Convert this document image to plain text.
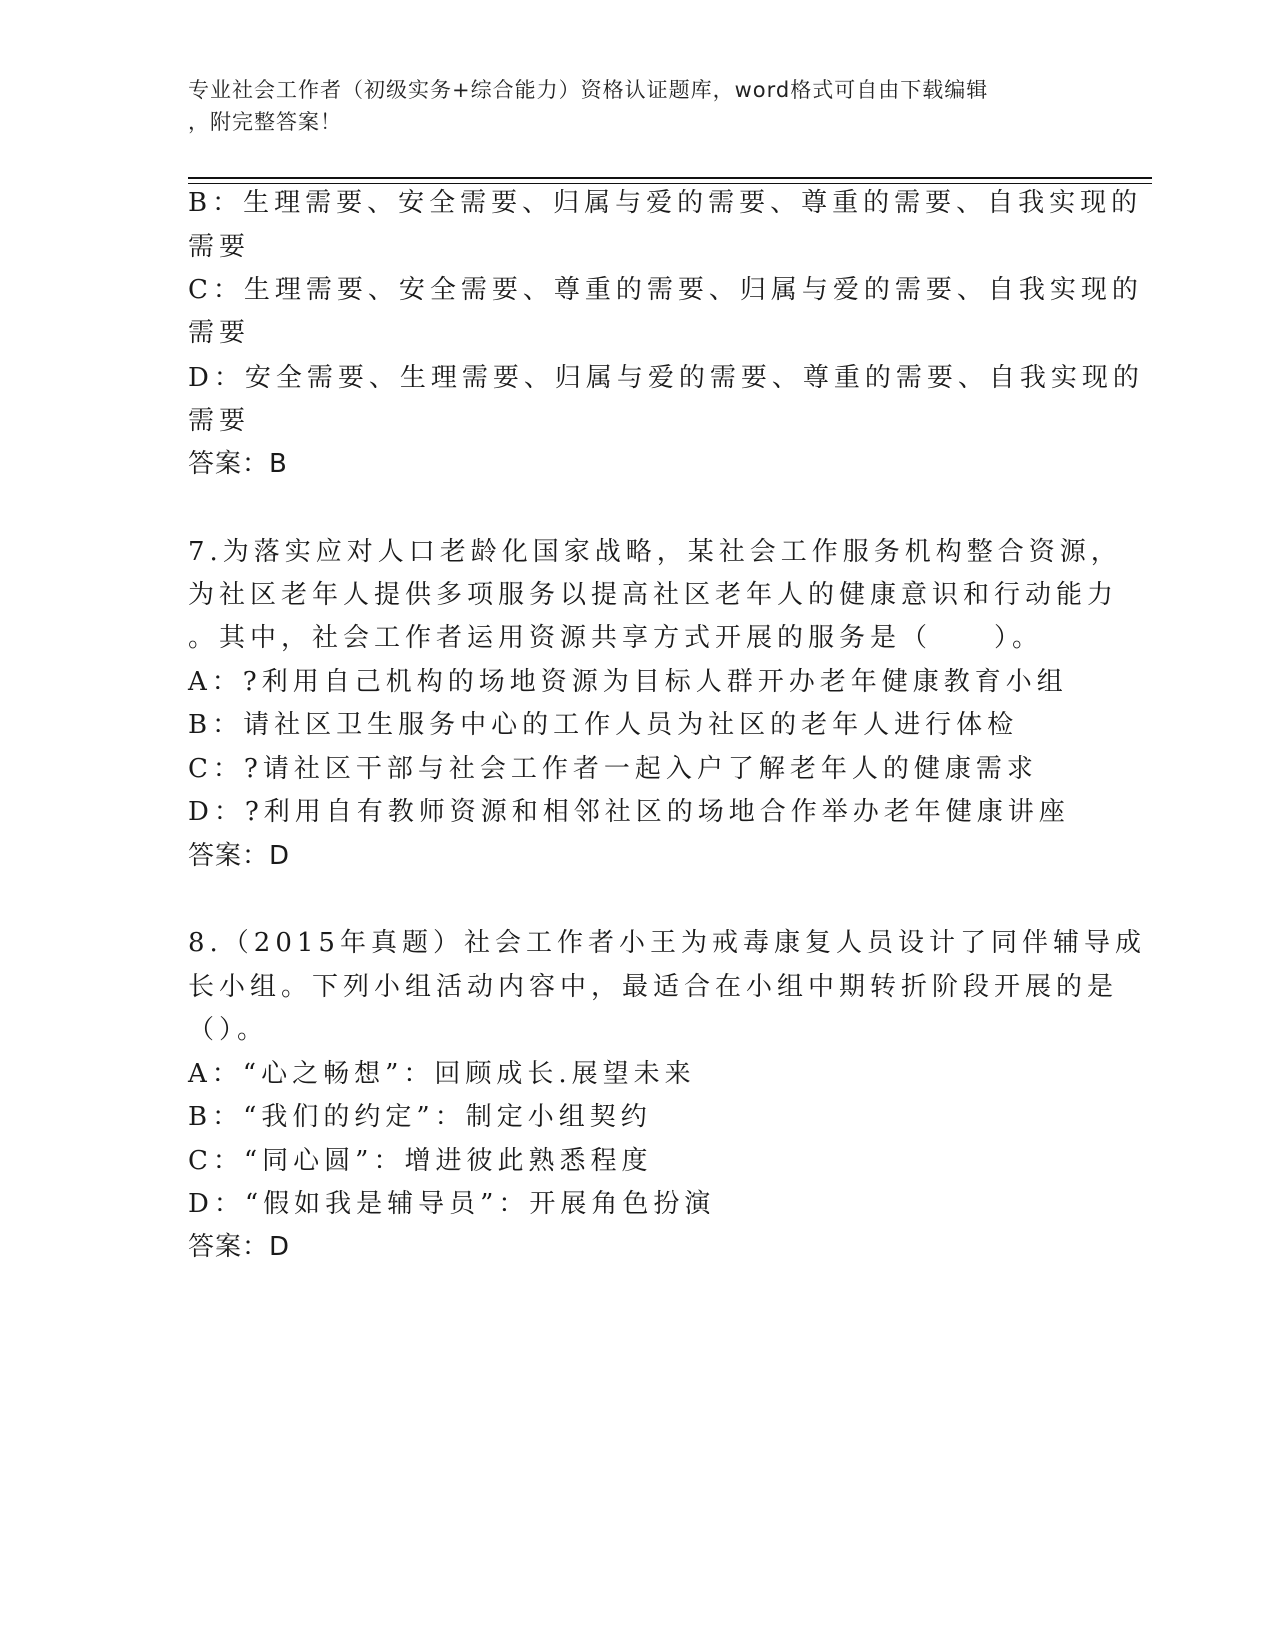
专业社会工作者（初级实务+综合能力）资格认证题库，word格式可自由下载编辑
，附完整答案！
B：生理需要、安全需要、归属与爱的需要、尊重的需要、自我实现的
需要
C：生理需要、安全需要、尊重的需要、归属与爱的需要、自我实现的
需要
D：安全需要、生理需要、归属与爱的需要、尊重的需要、自我实现的
需要
答案：B
7.为落实应对人口老龄化国家战略，某社会工作服务机构整合资源，
为社区老年人提供多项服务以提高社区老年人的健康意识和行动能力
。其中，社会工作者运用资源共享方式开展的服务是（　　）。
A：?利用自己机构的场地资源为目标人群开办老年健康教育小组
B：请社区卫生服务中心的工作人员为社区的老年人进行体检
C：?请社区干部与社会工作者一起入户了解老年人的健康需求
D：?利用自有教师资源和相邻社区的场地合作举办老年健康讲座
答案：D
8.（2015年真题）社会工作者小王为戒毒康复人员设计了同伴辅导成
长小组。下列小组活动内容中，最适合在小组中期转折阶段开展的是
（）。
A：“心之畅想”：回顾成长.展望未来
B：“我们的约定”：制定小组契约
C：“同心圆”：增进彼此熟悉程度
D：“假如我是辅导员”：开展角色扮演
答案：D
